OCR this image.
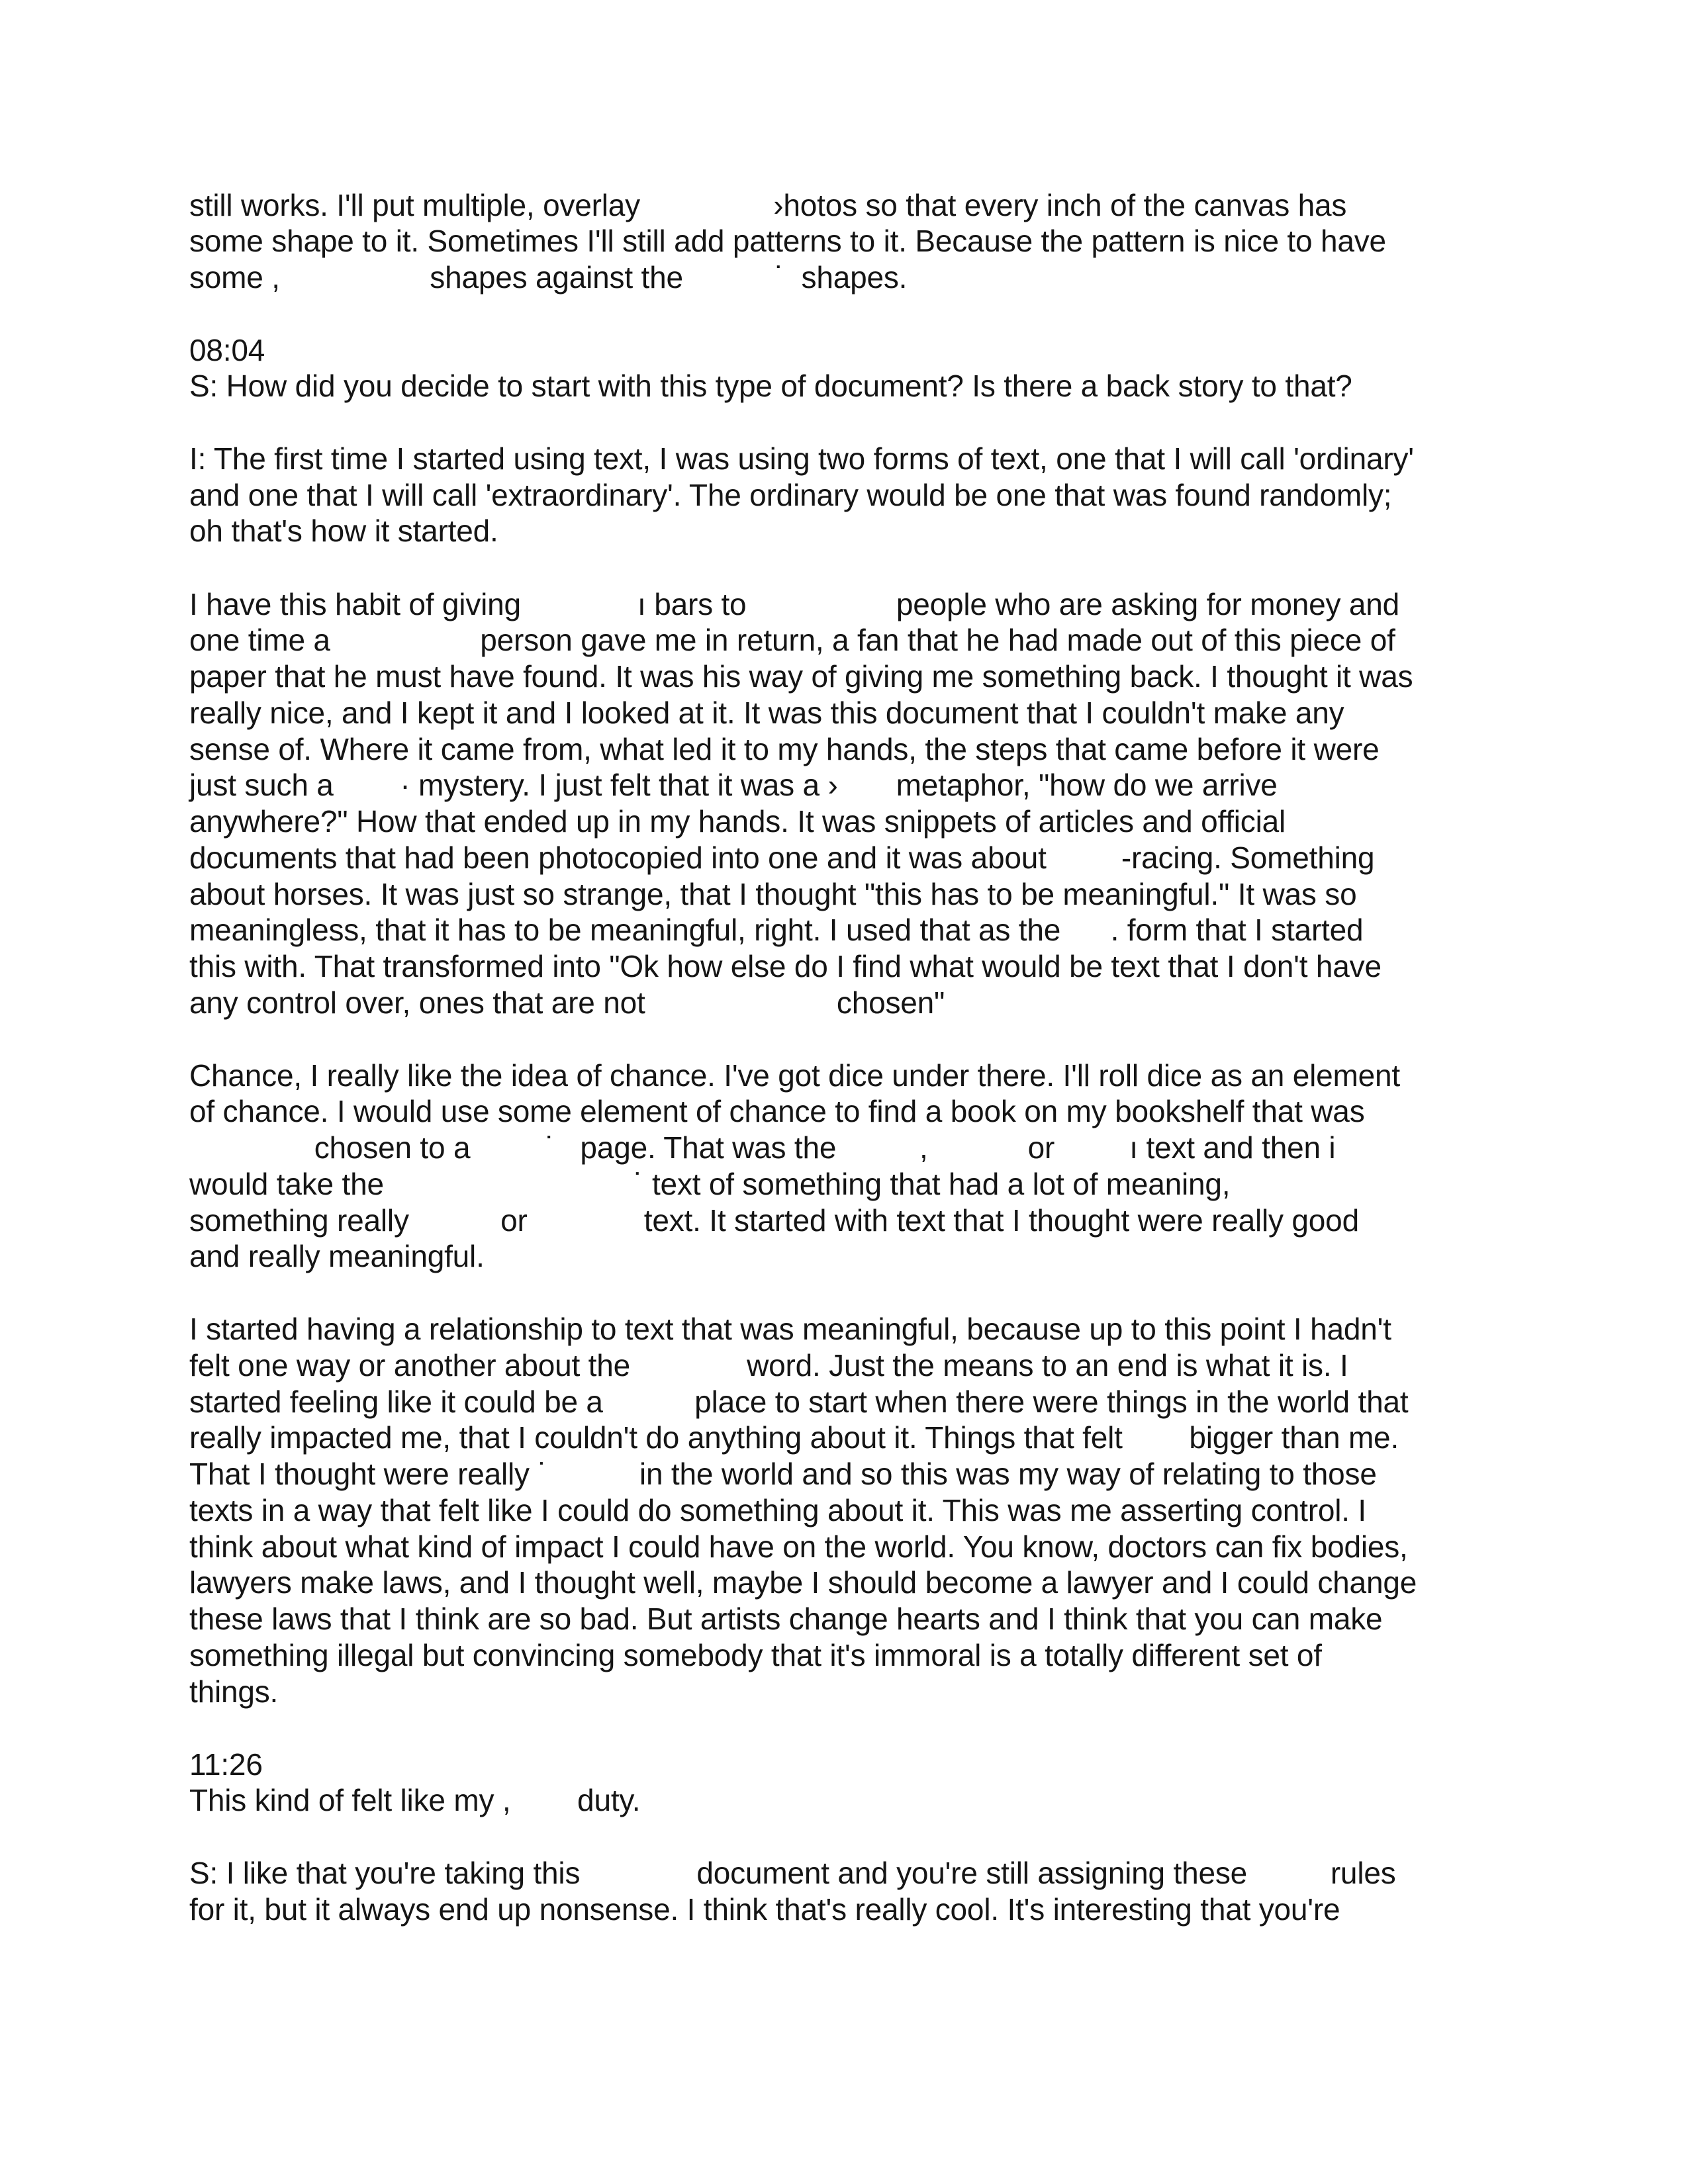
still works. I'll put multiple, overlay                ›hotos so that every inch of the canvas has
some shape to it. Sometimes I'll still add patterns to it. Because the pattern is nice to have
some ,                  shapes against the           ˙  shapes.
08:04
S: How did you decide to start with this type of document? Is there a back story to that?
I: The first time I started using text, I was using two forms of text, one that I will call 'ordinary'
and one that I will call 'extraordinary'. The ordinary would be one that was found randomly;
oh that's how it started.
I have this habit of giving              ı bars to                  people who are asking for money and
one time a                  person gave me in return, a fan that he had made out of this piece of
paper that he must have found. It was his way of giving me something back. I thought it was
really nice, and I kept it and I looked at it. It was this document that I couldn't make any
sense of. Where it came from, what led it to my hands, the steps that came before it were
just such a        · mystery. I just felt that it was a ›       metaphor, "how do we arrive
anywhere?" How that ended up in my hands. It was snippets of articles and official
documents that had been photocopied into one and it was about         -racing. Something
about horses. It was just so strange, that I thought "this has to be meaningful." It was so
meaningless, that it has to be meaningful, right. I used that as the      . form that I started
this with. That transformed into "Ok how else do I find what would be text that I don't have
any control over, ones that are not                       chosen"
Chance, I really like the idea of chance. I've got dice under there. I'll roll dice as an element
of chance. I would use some element of chance to find a book on my bookshelf that was
chosen to a         ˙   page. That was the          ,            or         ı text and then i
would take the                              ˙ text of something that had a lot of meaning,
something really           or              text. It started with text that I thought were really good
and really meaningful.
I started having a relationship to text that was meaningful, because up to this point I hadn't
felt one way or another about the              word. Just the means to an end is what it is. I
started feeling like it could be a           place to start when there were things in the world that
really impacted me, that I couldn't do anything about it. Things that felt        bigger than me.
That I thought were really ˙           in the world and so this was my way of relating to those
texts in a way that felt like I could do something about it. This was me asserting control. I
think about what kind of impact I could have on the world. You know, doctors can fix bodies,
lawyers make laws, and I thought well, maybe I should become a lawyer and I could change
these laws that I think are so bad. But artists change hearts and I think that you can make
something illegal but convincing somebody that it's immoral is a totally different set of
things.
11:26
This kind of felt like my ,        duty.
S: I like that you're taking this              document and you're still assigning these          rules
for it, but it always end up nonsense. I think that's really cool. It's interesting that you're
